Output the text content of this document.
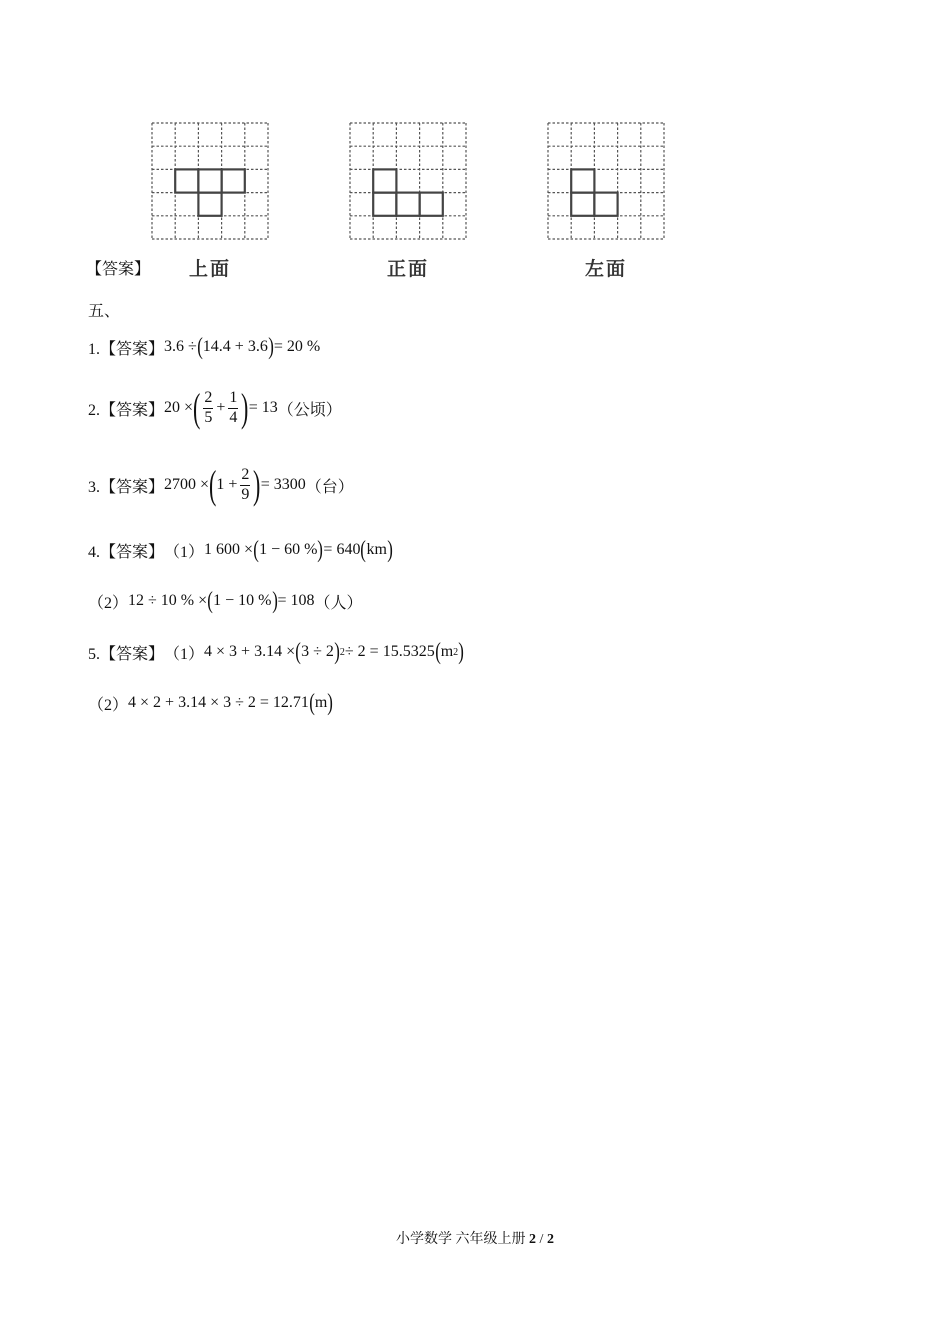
上面	正面	左面
【答案】
五、
1.【答案】 3.6 ÷ ( 14.4 + 3.6 ) = 20 %
2.【答案】 20 × ( $\frac{2}{5} + \frac{1}{4}$ ) = 13 （公顷）
3.【答案】 2700 × ( $1 + \frac{2}{9}$ ) = 3300 （台）
4.【答案】 （1） 1 600 × ( 1 − 60 % ) = 640 ( km )
（2） 12 ÷ 10 % × ( 1 − 10 % ) = 108 （人）
5.【答案】 （1） 4 × 3 + 3.14 × ( 3 ÷ 2 ) 2 ÷ 2 = 15.5325 ( m 2 )
（2） 4 × 2 + 3.14 × 3 ÷ 2 = 12.71 ( m )
小学数学 六年级上册 2 / 2
